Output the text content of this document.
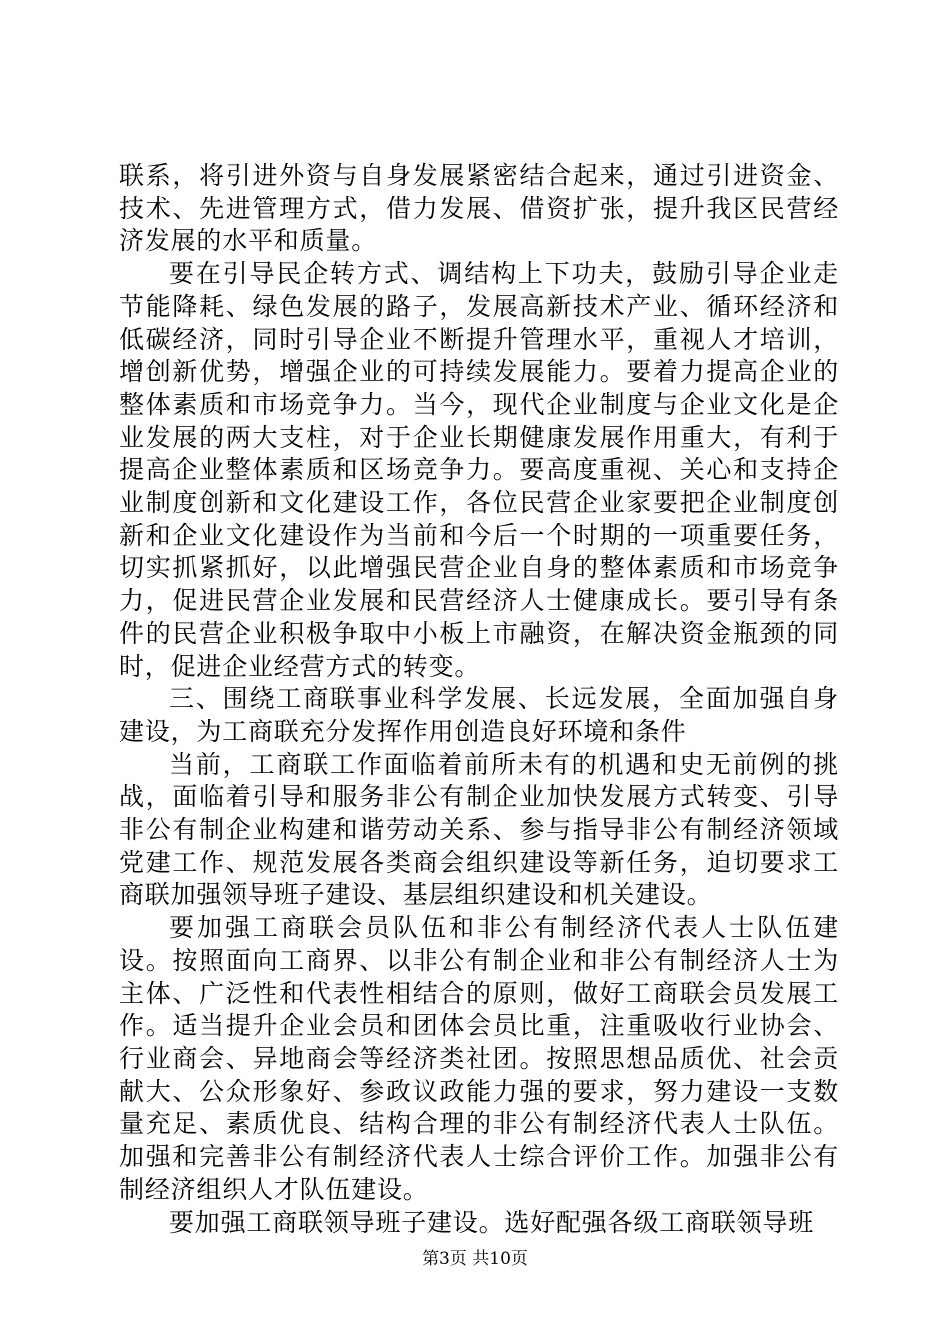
联系，将引进外资与自身发展紧密结合起来，通过引进资金、技术、先进管理方式，借力发展、借资扩张，提升我区民营经济发展的水平和质量。

要在引导民企转方式、调结构上下功夫，鼓励引导企业走节能降耗、绿色发展的路子，发展高新技术产业、循环经济和低碳经济，同时引导企业不断提升管理水平，重视人才培训，增创新优势，增强企业的可持续发展能力。要着力提高企业的整体素质和市场竞争力。当今，现代企业制度与企业文化是企业发展的两大支柱，对于企业长期健康发展作用重大，有利于提高企业整体素质和区场竞争力。要高度重视、关心和支持企业制度创新和文化建设工作，各位民营企业家要把企业制度创新和企业文化建设作为当前和今后一个时期的一项重要任务，切实抓紧抓好，以此增强民营企业自身的整体素质和市场竞争力，促进民营企业发展和民营经济人士健康成长。要引导有条件的民营企业积极争取中小板上市融资，在解决资金瓶颈的同时，促进企业经营方式的转变。

三、围绕工商联事业科学发展、长远发展，全面加强自身建设，为工商联充分发挥作用创造良好环境和条件

当前，工商联工作面临着前所未有的机遇和史无前例的挑战，面临着引导和服务非公有制企业加快发展方式转变、引导非公有制企业构建和谐劳动关系、参与指导非公有制经济领域党建工作、规范发展各类商会组织建设等新任务，迫切要求工商联加强领导班子建设、基层组织建设和机关建设。

要加强工商联会员队伍和非公有制经济代表人士队伍建设。按照面向工商界、以非公有制企业和非公有制经济人士为主体、广泛性和代表性相结合的原则，做好工商联会员发展工作。适当提升企业会员和团体会员比重，注重吸收行业协会、行业商会、异地商会等经济类社团。按照思想品质优、社会贡献大、公众形象好、参政议政能力强的要求，努力建设一支数量充足、素质优良、结构合理的非公有制经济代表人士队伍。加强和完善非公有制经济代表人士综合评价工作。加强非公有制经济组织人才队伍建设。

要加强工商联领导班子建设。选好配强各级工商联领导班

第3页 共10页
